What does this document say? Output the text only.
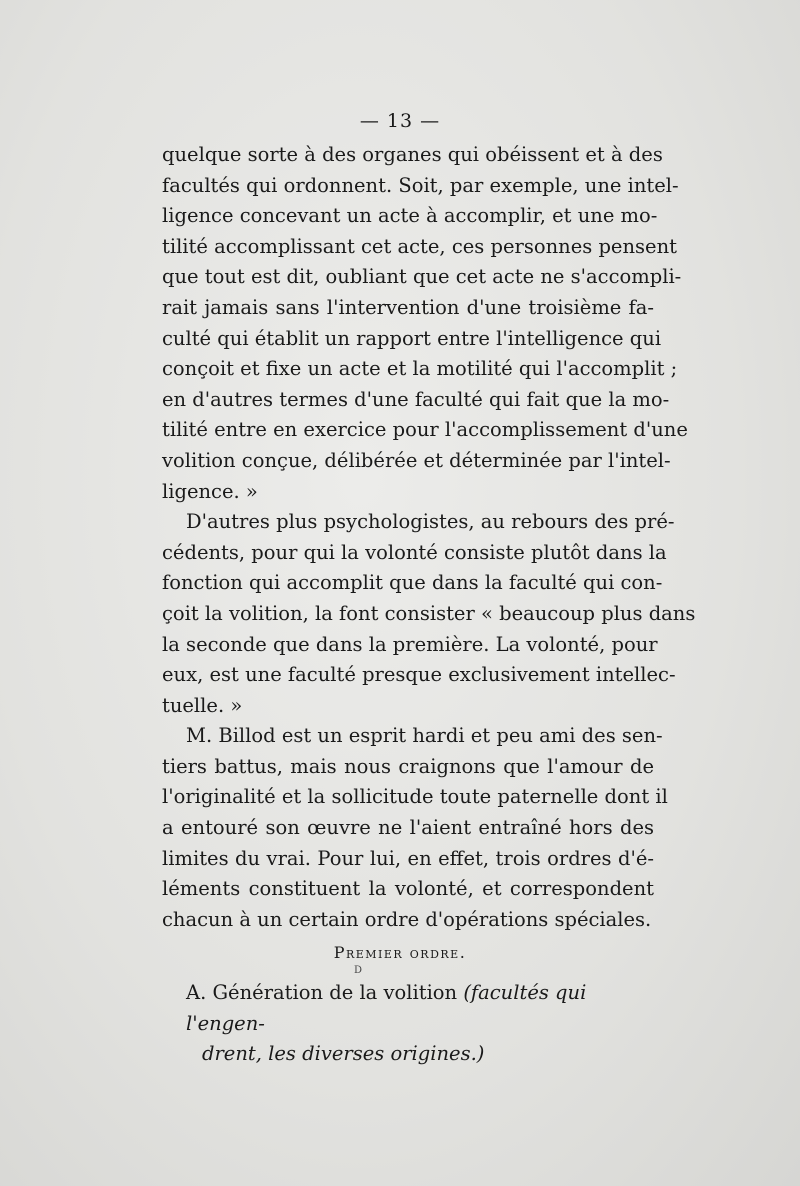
— 13 —
quelque sorte à des organes qui obéissent et à des
facultés qui ordonnent. Soit, par exemple, une intel-
ligence concevant un acte à accomplir, et une mo-
tilité accomplissant cet acte, ces personnes pensent
que tout est dit, oubliant que cet acte ne s'accompli-
rait jamais sans l'intervention d'une troisième fa-
culté qui établit un rapport entre l'intelligence qui
conçoit et fixe un acte et la motilité qui l'accomplit ;
en d'autres termes d'une faculté qui fait que la mo-
tilité entre en exercice pour l'accomplissement d'une
volition conçue, délibérée et déterminée par l'intel-
ligence. »
D'autres plus psychologistes, au rebours des pré-
cédents, pour qui la volonté consiste plutôt dans la
fonction qui accomplit que dans la faculté qui con-
çoit la volition, la font consister « beaucoup plus dans
la seconde que dans la première. La volonté, pour
eux, est une faculté presque exclusivement intellec-
tuelle. »
M. Billod est un esprit hardi et peu ami des sen-
tiers battus, mais nous craignons que l'amour de
l'originalité et la sollicitude toute paternelle dont il
a entouré son œuvre ne l'aient entraîné hors des
limites du vrai. Pour lui, en effet, trois ordres d'é-
léments constituent la volonté, et correspondent
chacun à un certain ordre d'opérations spéciales.
Premier ordre.
d
A. Génération de la volition (facultés qui l'engen-
drent, les diverses origines.)
